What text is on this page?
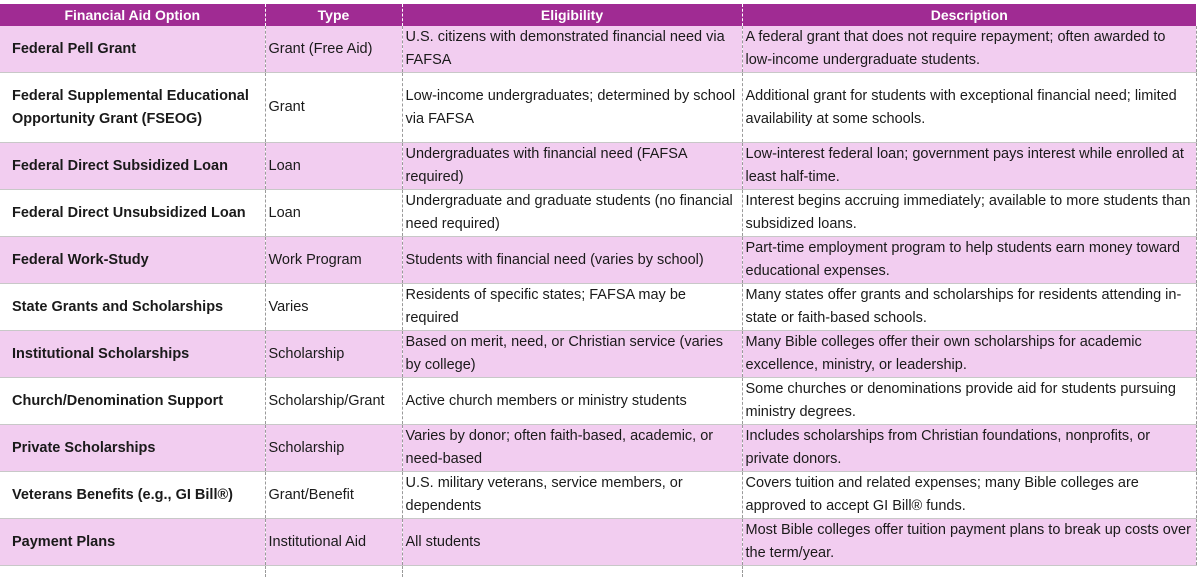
Financial Aid Option	Type	Eligibility	Description
Federal Pell Grant	Grant (Free Aid)	U.S. citizens with demonstrated financial need via FAFSA	A federal grant that does not require repayment; often awarded to low-income undergraduate students.
Federal Supplemental Educational Opportunity Grant (FSEOG)	Grant	Low-income undergraduates; determined by school via FAFSA	Additional grant for students with exceptional financial need; limited availability at some schools.
Federal Direct Subsidized Loan	Loan	Undergraduates with financial need (FAFSA required)	Low-interest federal loan; government pays interest while enrolled at least half-time.
Federal Direct Unsubsidized Loan	Loan	Undergraduate and graduate students (no financial need required)	Interest begins accruing immediately; available to more students than subsidized loans.
Federal Work-Study	Work Program	Students with financial need (varies by school)	Part-time employment program to help students earn money toward educational expenses.
State Grants and Scholarships	Varies	Residents of specific states; FAFSA may be required	Many states offer grants and scholarships for residents attending in-state or faith-based schools.
Institutional Scholarships	Scholarship	Based on merit, need, or Christian service (varies by college)	Many Bible colleges offer their own scholarships for academic excellence, ministry, or leadership.
Church/Denomination Support	Scholarship/Grant	Active church members or ministry students	Some churches or denominations provide aid for students pursuing ministry degrees.
Private Scholarships	Scholarship	Varies by donor; often faith-based, academic, or need-based	Includes scholarships from Christian foundations, nonprofits, or private donors.
Veterans Benefits (e.g., GI Bill®)	Grant/Benefit	U.S. military veterans, service members, or dependents	Covers tuition and related expenses; many Bible colleges are approved to accept GI Bill® funds.
Payment Plans	Institutional Aid	All students	Most Bible colleges offer tuition payment plans to break up costs over the term/year.
